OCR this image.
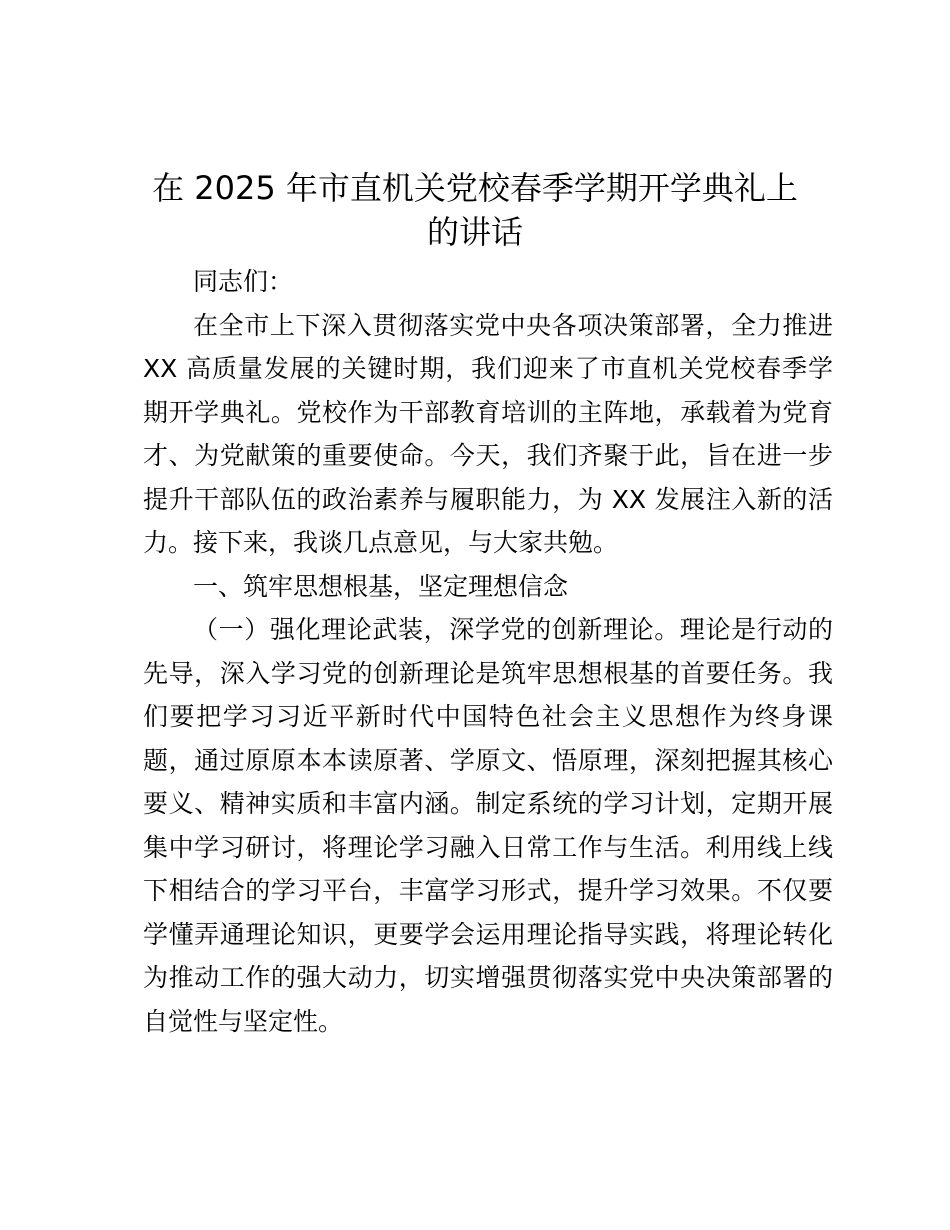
在 2025 年市直机关党校春季学期开学典礼上
的讲话

同志们：

在全市上下深入贯彻落实党中央各项决策部署，全力推进 XX 高质量发展的关键时期，我们迎来了市直机关党校春季学期开学典礼。党校作为干部教育培训的主阵地，承载着为党育才、为党献策的重要使命。今天，我们齐聚于此，旨在进一步提升干部队伍的政治素养与履职能力，为 XX 发展注入新的活力。接下来，我谈几点意见，与大家共勉。

一、筑牢思想根基，坚定理想信念

（一）强化理论武装，深学党的创新理论。理论是行动的先导，深入学习党的创新理论是筑牢思想根基的首要任务。我们要把学习习近平新时代中国特色社会主义思想作为终身课题，通过原原本本读原著、学原文、悟原理，深刻把握其核心要义、精神实质和丰富内涵。制定系统的学习计划，定期开展集中学习研讨，将理论学习融入日常工作与生活。利用线上线下相结合的学习平台，丰富学习形式，提升学习效果。不仅要学懂弄通理论知识，更要学会运用理论指导实践，将理论转化为推动工作的强大动力，切实增强贯彻落实党中央决策部署的自觉性与坚定性。
